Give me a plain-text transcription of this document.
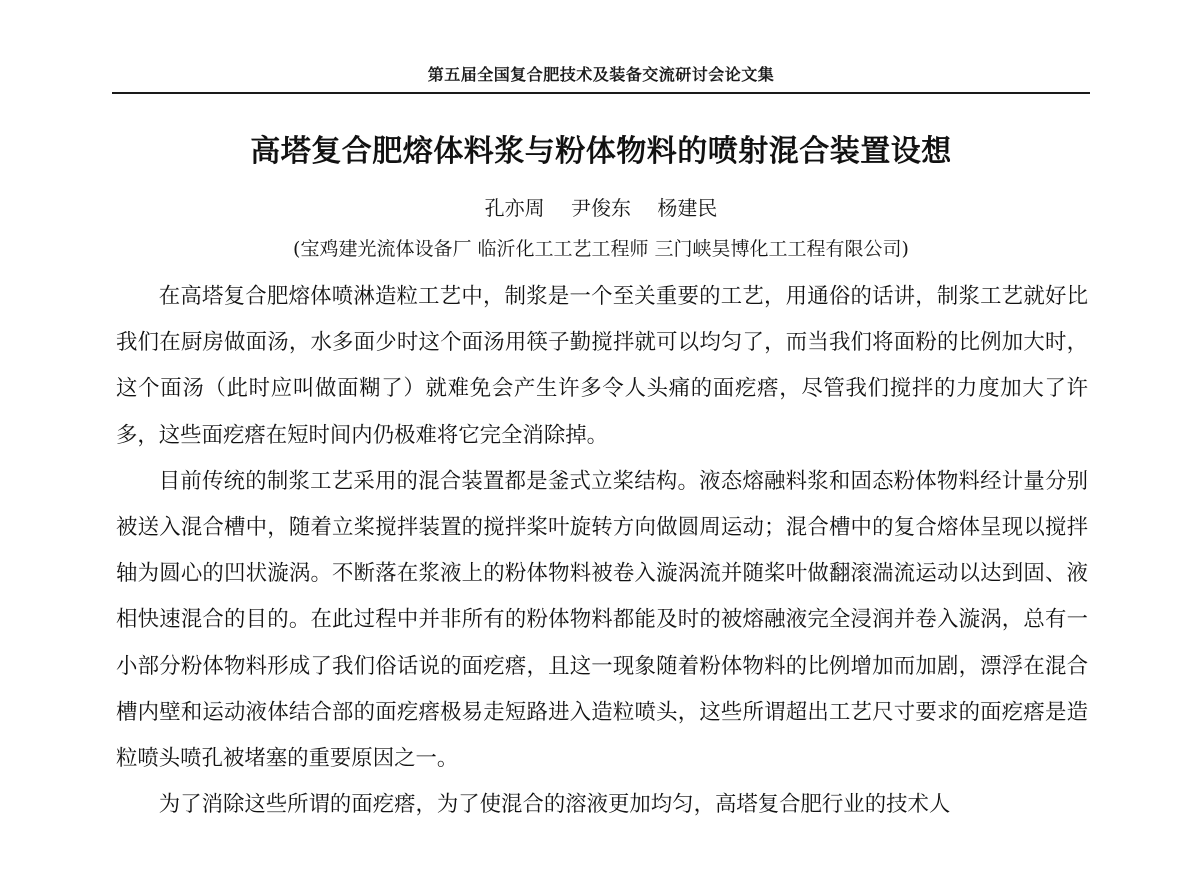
第五届全国复合肥技术及装备交流研讨会论文集
高塔复合肥熔体料浆与粉体物料的喷射混合装置设想
孔亦周 尹俊东 杨建民
(宝鸡建光流体设备厂 临沂化工工艺工程师 三门峡昊博化工工程有限公司)

在高塔复合肥熔体喷淋造粒工艺中，制浆是一个至关重要的工艺，用通俗的话讲，制浆工艺就好比我们在厨房做面汤，水多面少时这个面汤用筷子勤搅拌就可以均匀了，而当我们将面粉的比例加大时，这个面汤（此时应叫做面糊了）就难免会产生许多令人头痛的面疙瘩，尽管我们搅拌的力度加大了许多，这些面疙瘩在短时间内仍极难将它完全消除掉。

目前传统的制浆工艺采用的混合装置都是釜式立桨结构。液态熔融料浆和固态粉体物料经计量分别被送入混合槽中，随着立桨搅拌装置的搅拌桨叶旋转方向做圆周运动；混合槽中的复合熔体呈现以搅拌轴为圆心的凹状漩涡。不断落在浆液上的粉体物料被卷入漩涡流并随桨叶做翻滚湍流运动以达到固、液相快速混合的目的。在此过程中并非所有的粉体物料都能及时的被熔融液完全浸润并卷入漩涡，总有一小部分粉体物料形成了我们俗话说的面疙瘩，且这一现象随着粉体物料的比例增加而加剧，漂浮在混合槽内壁和运动液体结合部的面疙瘩极易走短路进入造粒喷头，这些所谓超出工艺尺寸要求的面疙瘩是造粒喷头喷孔被堵塞的重要原因之一。

为了消除这些所谓的面疙瘩，为了使混合的溶液更加均匀，高塔复合肥行业的技术人
